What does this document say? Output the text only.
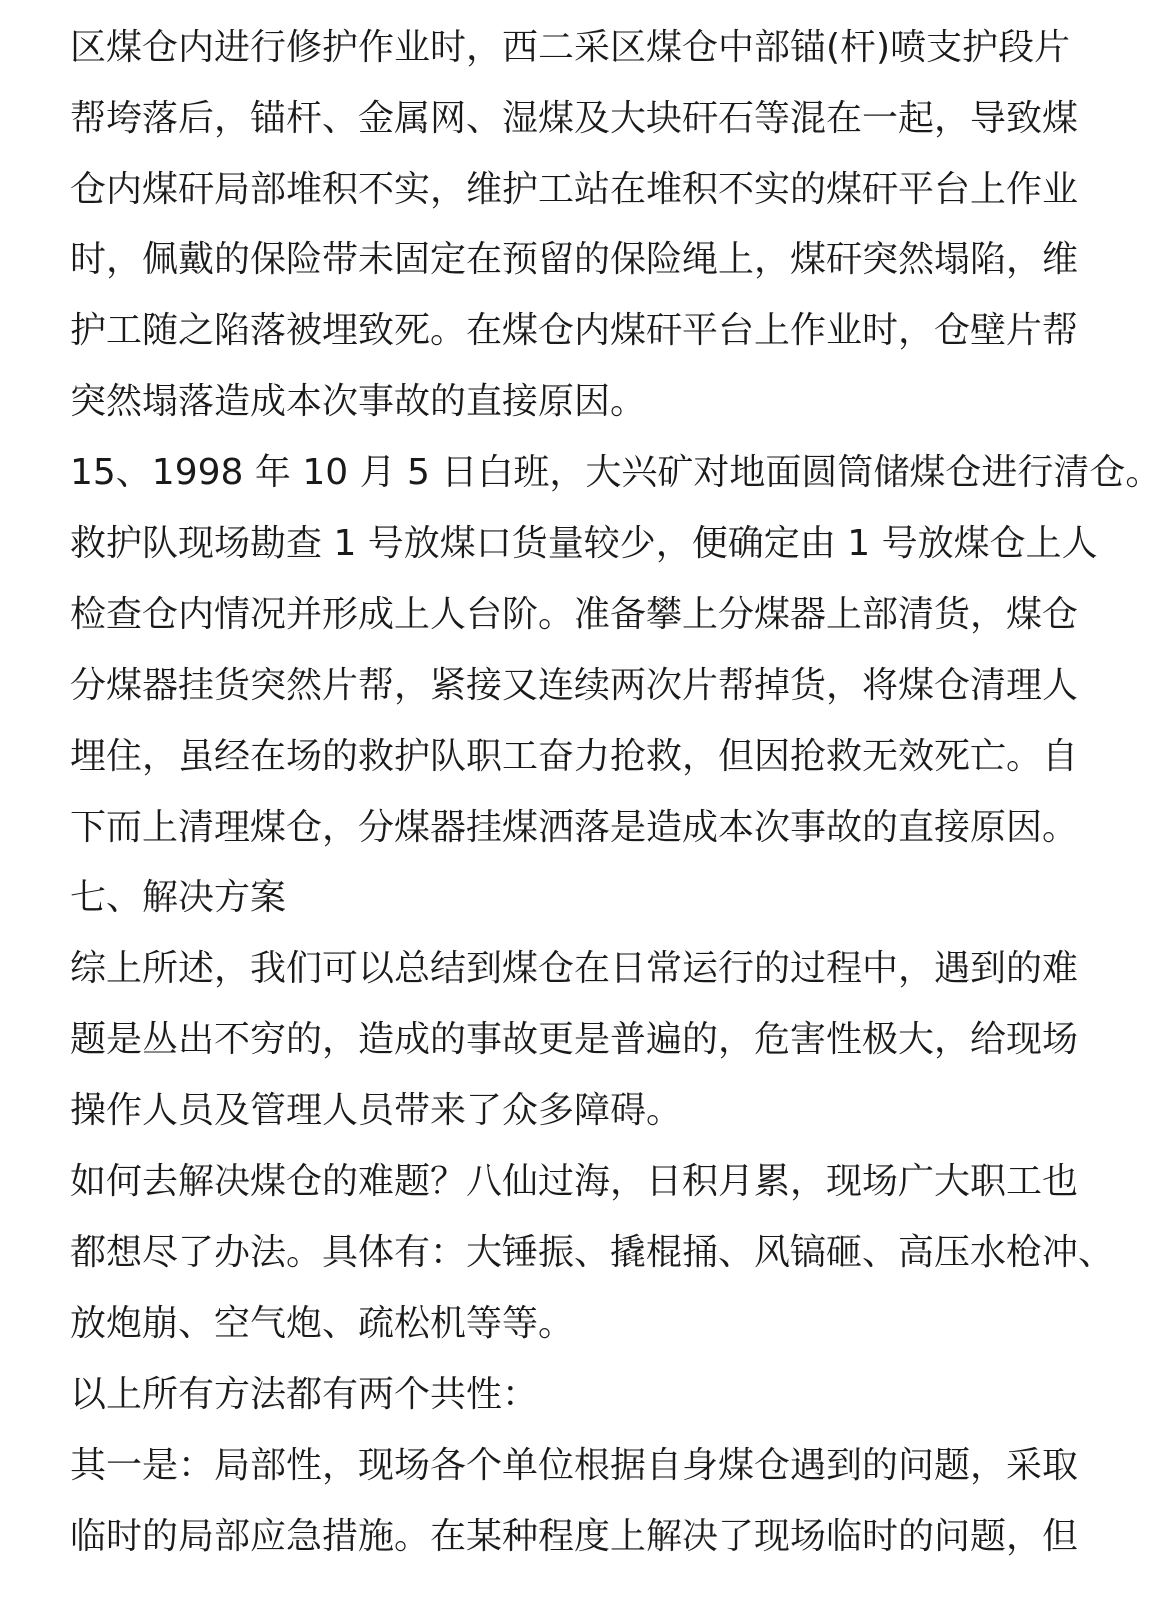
区煤仓内进行修护作业时，西二采区煤仓中部锚(杆)喷支护段片
帮垮落后，锚杆、金属网、湿煤及大块矸石等混在一起，导致煤
仓内煤矸局部堆积不实，维护工站在堆积不实的煤矸平台上作业
时，佩戴的保险带未固定在预留的保险绳上，煤矸突然塌陷，维
护工随之陷落被埋致死。在煤仓内煤矸平台上作业时，仓壁片帮
突然塌落造成本次事故的直接原因。
15、1998 年 10 月 5 日白班，大兴矿对地面圆筒储煤仓进行清仓。
救护队现场勘查 1 号放煤口货量较少，便确定由 1 号放煤仓上人
检查仓内情况并形成上人台阶。准备攀上分煤器上部清货，煤仓
分煤器挂货突然片帮，紧接又连续两次片帮掉货，将煤仓清理人
埋住，虽经在场的救护队职工奋力抢救，但因抢救无效死亡。自
下而上清理煤仓，分煤器挂煤洒落是造成本次事故的直接原因。
七、解决方案
综上所述，我们可以总结到煤仓在日常运行的过程中，遇到的难
题是丛出不穷的，造成的事故更是普遍的，危害性极大，给现场
操作人员及管理人员带来了众多障碍。
如何去解决煤仓的难题？八仙过海，日积月累，现场广大职工也
都想尽了办法。具体有：大锤振、撬棍捅、风镐砸、高压水枪冲、
放炮崩、空气炮、疏松机等等。
以上所有方法都有两个共性：
其一是：局部性，现场各个单位根据自身煤仓遇到的问题，采取
临时的局部应急措施。在某种程度上解决了现场临时的问题，但
